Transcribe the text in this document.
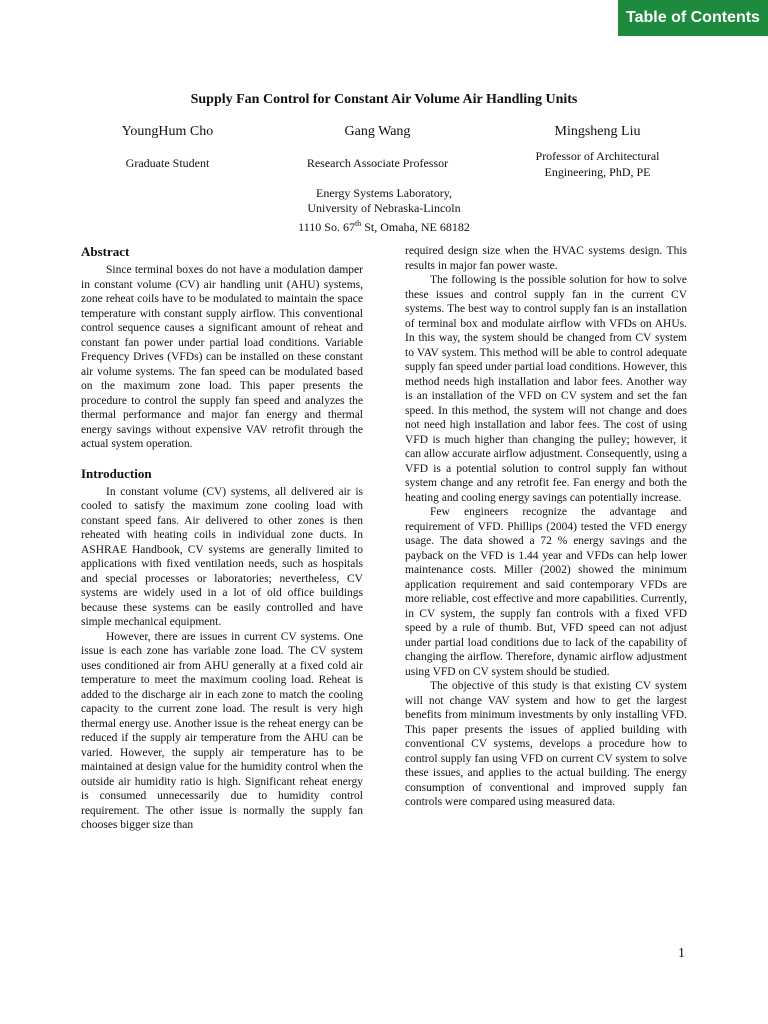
Table of Contents
Supply Fan Control for Constant Air Volume Air Handling Units
YoungHum Cho	Gang Wang	Mingsheng Liu
Graduate Student	Research Associate Professor	Professor of Architectural
Engineering, PhD, PE
Energy Systems Laboratory,
University of Nebraska-Lincoln
1110 So. 67th St, Omaha, NE 68182
Abstract

Since terminal boxes do not have a modulation damper in constant volume (CV) air handling unit (AHU) systems, zone reheat coils have to be modulated to maintain the space temperature with constant supply airflow. This conventional control sequence causes a significant amount of reheat and constant fan power under partial load conditions. Variable Frequency Drives (VFDs) can be installed on these constant air volume systems. The fan speed can be modulated based on the maximum zone load. This paper presents the procedure to control the supply fan speed and analyzes the thermal performance and major fan energy and thermal energy savings without expensive VAV retrofit through the actual system operation.

Introduction

In constant volume (CV) systems, all delivered air is cooled to satisfy the maximum zone cooling load with constant speed fans. Air delivered to other zones is then reheated with heating coils in individual zone ducts. In ASHRAE Handbook, CV systems are generally limited to applications with fixed ventilation needs, such as hospitals and special processes or laboratories; nevertheless, CV systems are widely used in a lot of old office buildings because these systems can be easily controlled and have simple mechanical equipment.

However, there are issues in current CV systems. One issue is each zone has variable zone load. The CV system uses conditioned air from AHU generally at a fixed cold air temperature to meet the maximum cooling load. Reheat is added to the discharge air in each zone to match the cooling capacity to the current zone load. The result is very high thermal energy use. Another issue is the reheat energy can be reduced if the supply air temperature from the AHU can be varied. However, the supply air temperature has to be maintained at design value for the humidity control when the outside air humidity ratio is high. Significant reheat energy is consumed unnecessarily due to humidity control requirement. The other issue is normally the supply fan chooses bigger size than

required design size when the HVAC systems design. This results in major fan power waste.

The following is the possible solution for how to solve these issues and control supply fan in the current CV systems. The best way to control supply fan is an installation of terminal box and modulate airflow with VFDs on AHUs. In this way, the system should be changed from CV system to VAV system. This method will be able to control adequate supply fan speed under partial load conditions. However, this method needs high installation and labor fees. Another way is an installation of the VFD on CV system and set the fan speed. In this method, the system will not change and does not need high installation and labor fees. The cost of using VFD is much higher than changing the pulley; however, it can allow accurate airflow adjustment. Consequently, using a VFD is a potential solution to control supply fan without system change and any retrofit fee. Fan energy and both the heating and cooling energy savings can potentially increase.

Few engineers recognize the advantage and requirement of VFD. Phillips (2004) tested the VFD energy usage. The data showed a 72 % energy savings and the payback on the VFD is 1.44 year and VFDs can help lower maintenance costs. Miller (2002) showed the minimum application requirement and said contemporary VFDs are more reliable, cost effective and more capabilities. Currently, in CV system, the supply fan controls with a fixed VFD speed by a rule of thumb. But, VFD speed can not adjust under partial load conditions due to lack of the capability of changing the airflow. Therefore, dynamic airflow adjustment using VFD on CV system should be studied.

The objective of this study is that existing CV system will not change VAV system and how to get the largest benefits from minimum investments by only installing VFD. This paper presents the issues of applied building with conventional CV systems, develops a procedure how to control supply fan using VFD on current CV system to solve these issues, and applies to the actual building. The energy consumption of conventional and improved supply fan controls were compared using measured data.

1
